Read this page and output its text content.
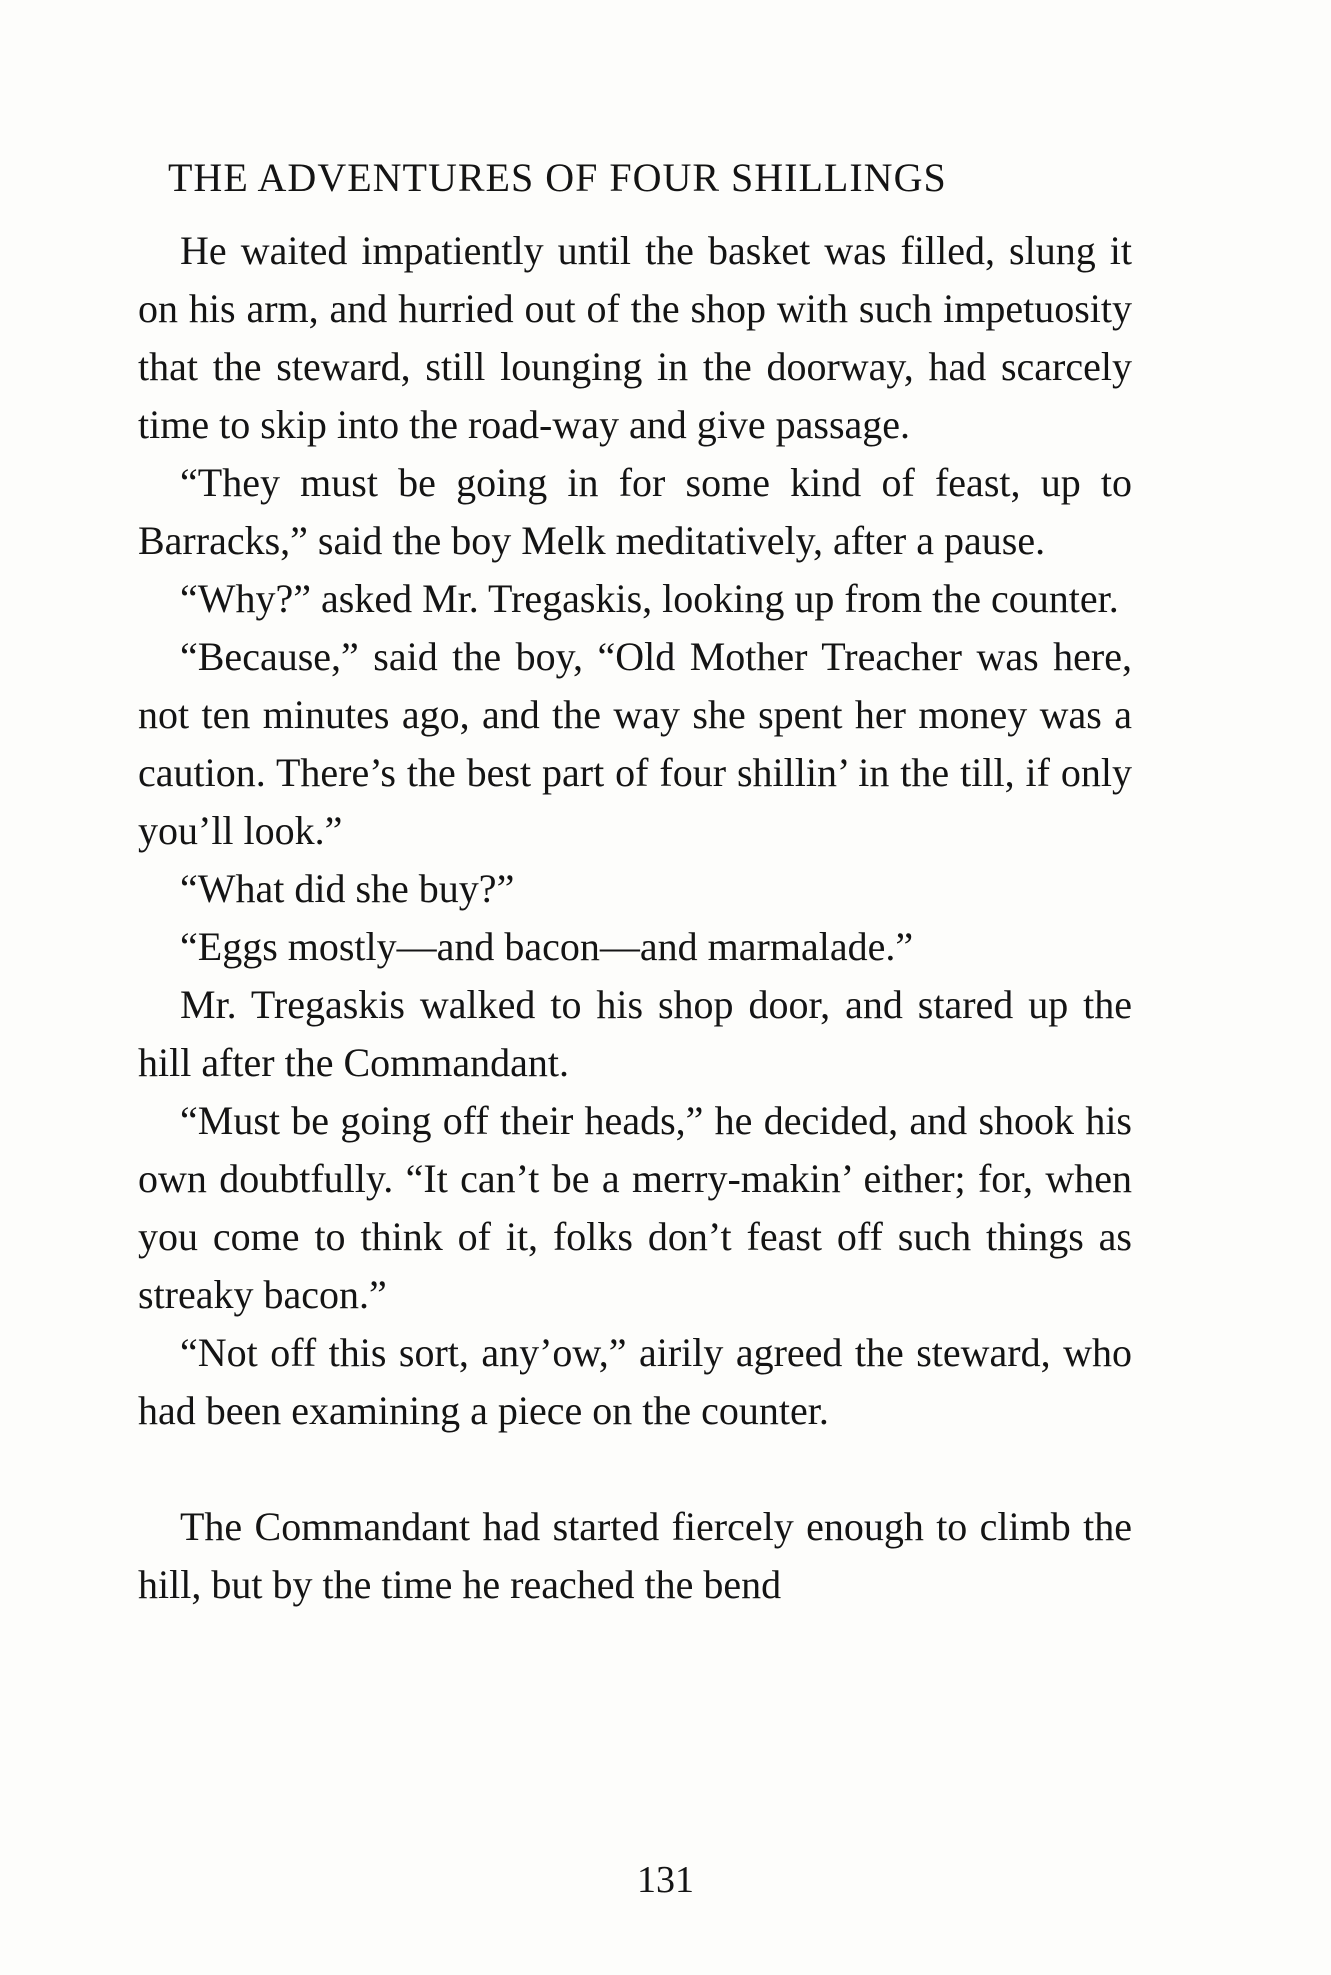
THE ADVENTURES OF FOUR SHILLINGS

He waited impatiently until the basket was filled, slung it on his arm, and hurried out of the shop with such impetuosity that the steward, still lounging in the doorway, had scarcely time to skip into the road-way and give passage.

“They must be going in for some kind of feast, up to Barracks,” said the boy Melk meditatively, after a pause.

“Why?” asked Mr. Tregaskis, looking up from the counter.

“Because,” said the boy, “Old Mother Treacher was here, not ten minutes ago, and the way she spent her money was a caution. There’s the best part of four shillin’ in the till, if only you’ll look.”

“What did she buy?”

“Eggs mostly—and bacon—and marmalade.”

Mr. Tregaskis walked to his shop door, and stared up the hill after the Commandant.

“Must be going off their heads,” he decided, and shook his own doubtfully. “It can’t be a merry-makin’ either; for, when you come to think of it, folks don’t feast off such things as streaky bacon.”

“Not off this sort, any’ow,” airily agreed the steward, who had been examining a piece on the counter.

The Commandant had started fiercely enough to climb the hill, but by the time he reached the bend

131
